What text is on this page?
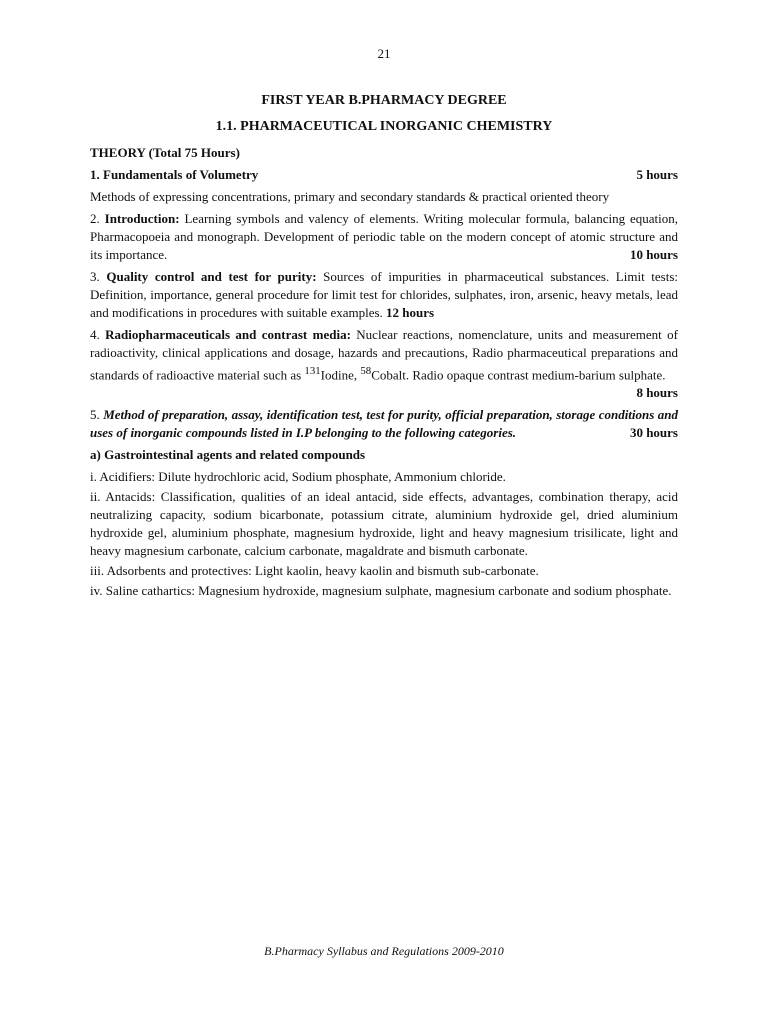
21
FIRST YEAR B.PHARMACY DEGREE
1.1. PHARMACEUTICAL INORGANIC CHEMISTRY
THEORY (Total 75 Hours)
1. Fundamentals of Volumetry	5 hours
Methods of expressing concentrations, primary and secondary standards & practical oriented theory
2. Introduction: Learning symbols and valency of elements. Writing molecular formula, balancing equation, Pharmacopoeia and monograph. Development of periodic table on the modern concept of atomic structure and its importance.	10 hours
3. Quality control and test for purity: Sources of impurities in pharmaceutical substances. Limit tests: Definition, importance, general procedure for limit test for chlorides, sulphates, iron, arsenic, heavy metals, lead and modifications in procedures with suitable examples. 12 hours
4. Radiopharmaceuticals and contrast media: Nuclear reactions, nomenclature, units and measurement of radioactivity, clinical applications and dosage, hazards and precautions, Radio pharmaceutical preparations and standards of radioactive material such as $^{131}$Iodine, $^{58}$Cobalt. Radio opaque contrast medium-barium sulphate.
8 hours
5. Method of preparation, assay, identification test, test for purity, official preparation, storage conditions and uses of inorganic compounds listed in I.P belonging to the following categories.	30 hours
a) Gastrointestinal agents and related compounds
i. Acidifiers: Dilute hydrochloric acid, Sodium phosphate, Ammonium chloride.
ii. Antacids: Classification, qualities of an ideal antacid, side effects, advantages, combination therapy, acid neutralizing capacity, sodium bicarbonate, potassium citrate, aluminium hydroxide gel, dried aluminium hydroxide gel, aluminium phosphate, magnesium hydroxide, light and heavy magnesium trisilicate, light and heavy magnesium carbonate, calcium carbonate, magaldrate and bismuth carbonate.
iii. Adsorbents and protectives: Light kaolin, heavy kaolin and bismuth sub-carbonate.
iv. Saline cathartics: Magnesium hydroxide, magnesium sulphate, magnesium carbonate and sodium phosphate.
B.Pharmacy Syllabus and Regulations 2009-2010
